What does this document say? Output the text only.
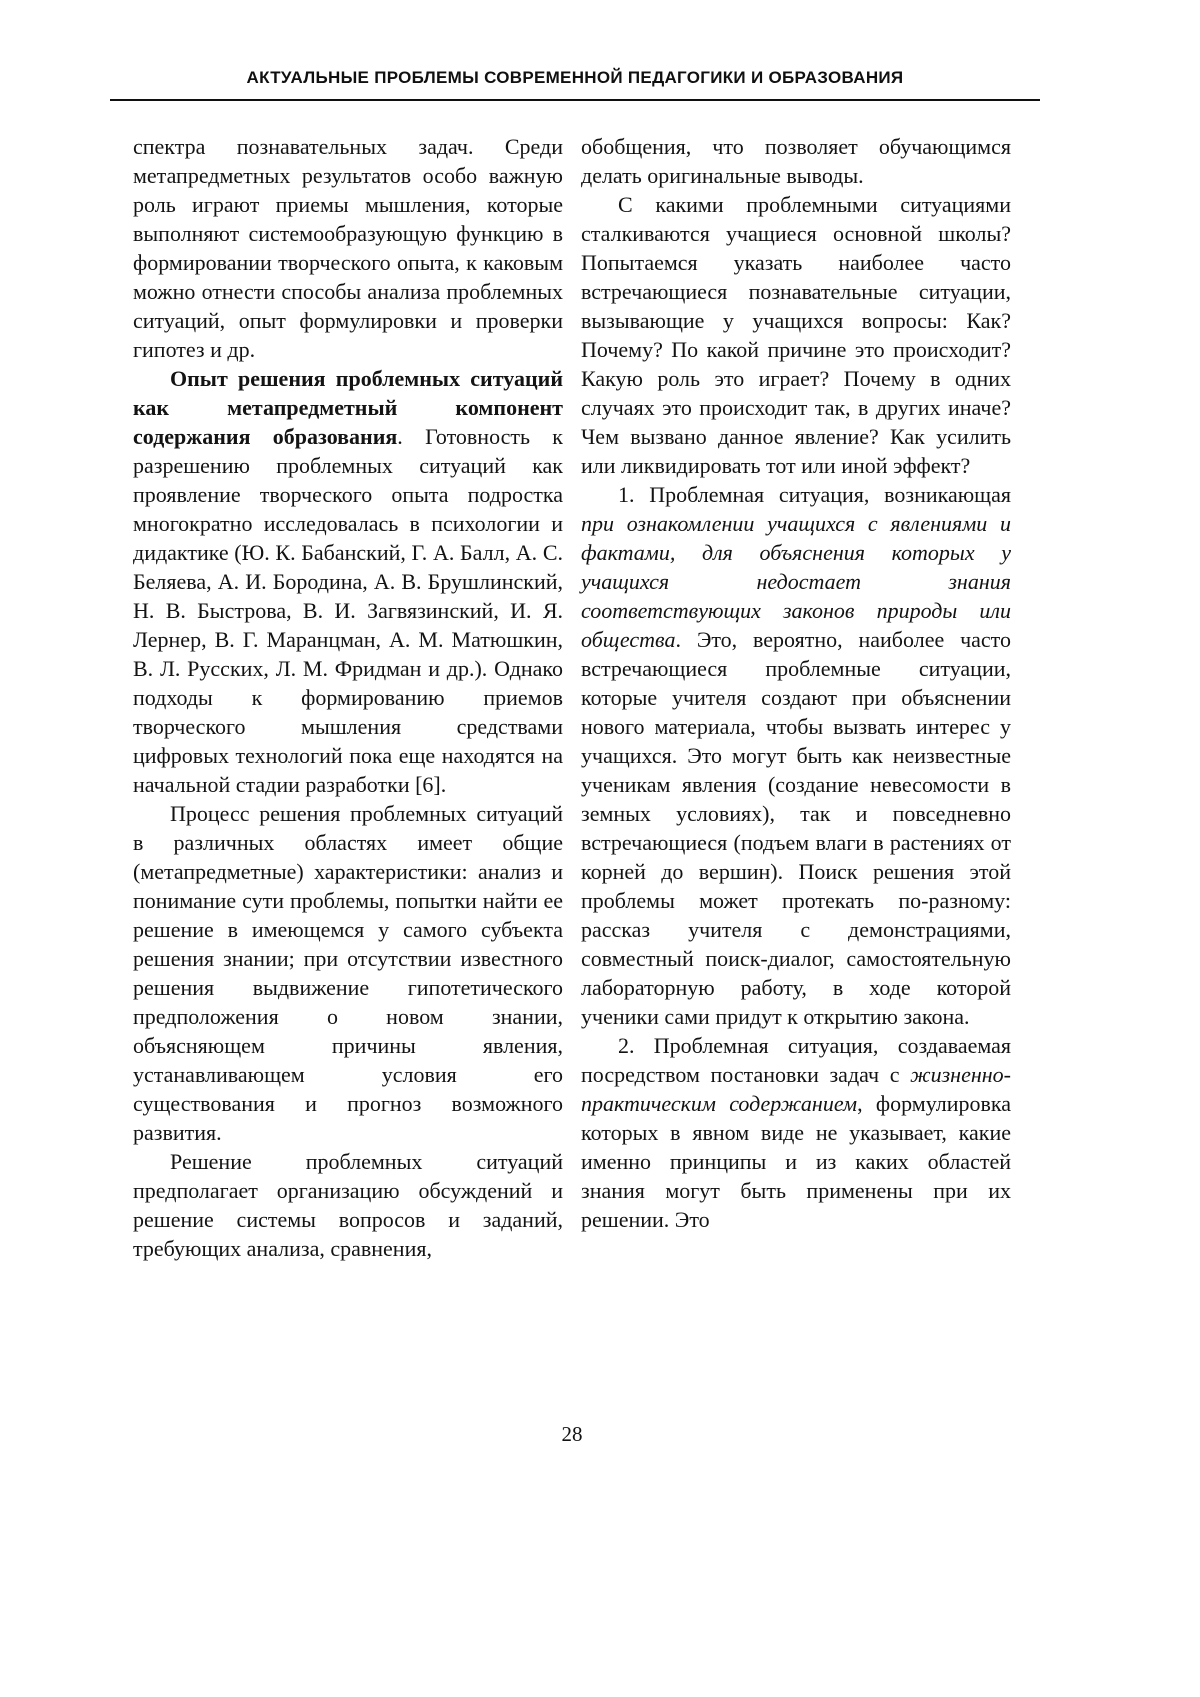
АКТУАЛЬНЫЕ ПРОБЛЕМЫ СОВРЕМЕННОЙ ПЕДАГОГИКИ И ОБРАЗОВАНИЯ

спектра познавательных задач. Среди метапредметных результатов особо важную роль играют приемы мышления, которые выполняют системообразующую функцию в формировании творческого опыта, к каковым можно отнести способы анализа проблемных ситуаций, опыт формулировки и проверки гипотез и др.

Опыт решения проблемных ситуаций как метапредметный компонент содержания образования. Готовность к разрешению проблемных ситуаций как проявление творческого опыта подростка многократно исследовалась в психологии и дидактике (Ю. К. Бабанский, Г. А. Балл, А. С. Беляева, А. И. Бородина, А. В. Брушлинский, Н. В. Быстрова, В. И. Загвязинский, И. Я. Лернер, В. Г. Маранцман, А. М. Матюшкин, В. Л. Русских, Л. М. Фридман и др.). Однако подходы к формированию приемов творческого мышления средствами цифровых технологий пока еще находятся на начальной стадии разработки [6].

Процесс решения проблемных ситуаций в различных областях имеет общие (метапредметные) характеристики: анализ и понимание сути проблемы, попытки найти ее решение в имеющемся у самого субъекта решения знании; при отсутствии известного решения выдвижение гипотетического предположения о новом знании, объясняющем причины явления, устанавливающем условия его существования и прогноз возможного развития.

Решение проблемных ситуаций предполагает организацию обсуждений и решение системы вопросов и заданий, требующих анализа, сравнения,

обобщения, что позволяет обучающимся делать оригинальные выводы.

С какими проблемными ситуациями сталкиваются учащиеся основной школы? Попытаемся указать наиболее часто встречающиеся познавательные ситуации, вызывающие у учащихся вопросы: Как? Почему? По какой причине это происходит? Какую роль это играет? Почему в одних случаях это происходит так, в других иначе? Чем вызвано данное явление? Как усилить или ликвидировать тот или иной эффект?

1. Проблемная ситуация, возникающая при ознакомлении учащихся с явлениями и фактами, для объяснения которых у учащихся недостает знания соответствующих законов природы или общества. Это, вероятно, наиболее часто встречающиеся проблемные ситуации, которые учителя создают при объяснении нового материала, чтобы вызвать интерес у учащихся. Это могут быть как неизвестные ученикам явления (создание невесомости в земных условиях), так и повседневно встречающиеся (подъем влаги в растениях от корней до вершин). Поиск решения этой проблемы может протекать по-разному: рассказ учителя с демонстрациями, совместный поиск-диалог, самостоятельную лабораторную работу, в ходе которой ученики сами придут к открытию закона.

2. Проблемная ситуация, создаваемая посредством постановки задач с жизненно-практическим содержанием, формулировка которых в явном виде не указывает, какие именно принципы и из каких областей знания могут быть применены при их решении. Это

28
